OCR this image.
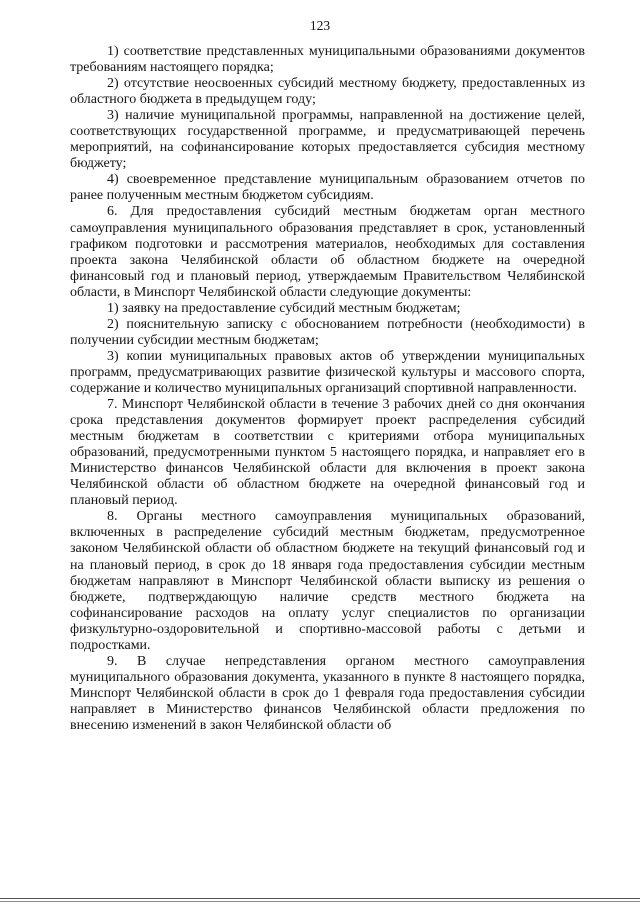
123

1) соответствие представленных муниципальными образованиями документов требованиям настоящего порядка;

2) отсутствие неосвоенных субсидий местному бюджету, предоставленных из областного бюджета в предыдущем году;

3) наличие муниципальной программы, направленной на достижение целей, соответствующих государственной программе, и предусматривающей перечень мероприятий, на софинансирование которых предоставляется субсидия местному бюджету;

4) своевременное представление муниципальным образованием отчетов по ранее полученным местным бюджетом субсидиям.

6. Для предоставления субсидий местным бюджетам орган местного самоуправления муниципального образования представляет в срок, установленный графиком подготовки и рассмотрения материалов, необходимых для составления проекта закона Челябинской области об областном бюджете на очередной финансовый год и плановый период, утверждаемым Правительством Челябинской области, в Минспорт Челябинской области следующие документы:

1) заявку на предоставление субсидий местным бюджетам;

2) пояснительную записку с обоснованием потребности (необходимости) в получении субсидии местным бюджетам;

3) копии муниципальных правовых актов об утверждении муниципальных программ, предусматривающих развитие физической культуры и массового спорта, содержание и количество муниципальных организаций спортивной направленности.

7. Минспорт Челябинской области в течение 3 рабочих дней со дня окончания срока представления документов формирует проект распределения субсидий местным бюджетам в соответствии с критериями отбора муниципальных образований, предусмотренными пунктом 5 настоящего порядка, и направляет его в Министерство финансов Челябинской области для включения в проект закона Челябинской области об областном бюджете на очередной финансовый год и плановый период.

8. Органы местного самоуправления муниципальных образований, включенных в распределение субсидий местным бюджетам, предусмотренное законом Челябинской области об областном бюджете на текущий финансовый год и на плановый период, в срок до 18 января года предоставления субсидии местным бюджетам направляют в Минспорт Челябинской области выписку из решения о бюджете, подтверждающую наличие средств местного бюджета на софинансирование расходов на оплату услуг специалистов по организации физкультурно-оздоровительной и спортивно-массовой работы с детьми и подростками.

9. В случае непредставления органом местного самоуправления муниципального образования документа, указанного в пункте 8 настоящего порядка, Минспорт Челябинской области в срок до 1 февраля года предоставления субсидии направляет в Министерство финансов Челябинской области предложения по внесению изменений в закон Челябинской области об
